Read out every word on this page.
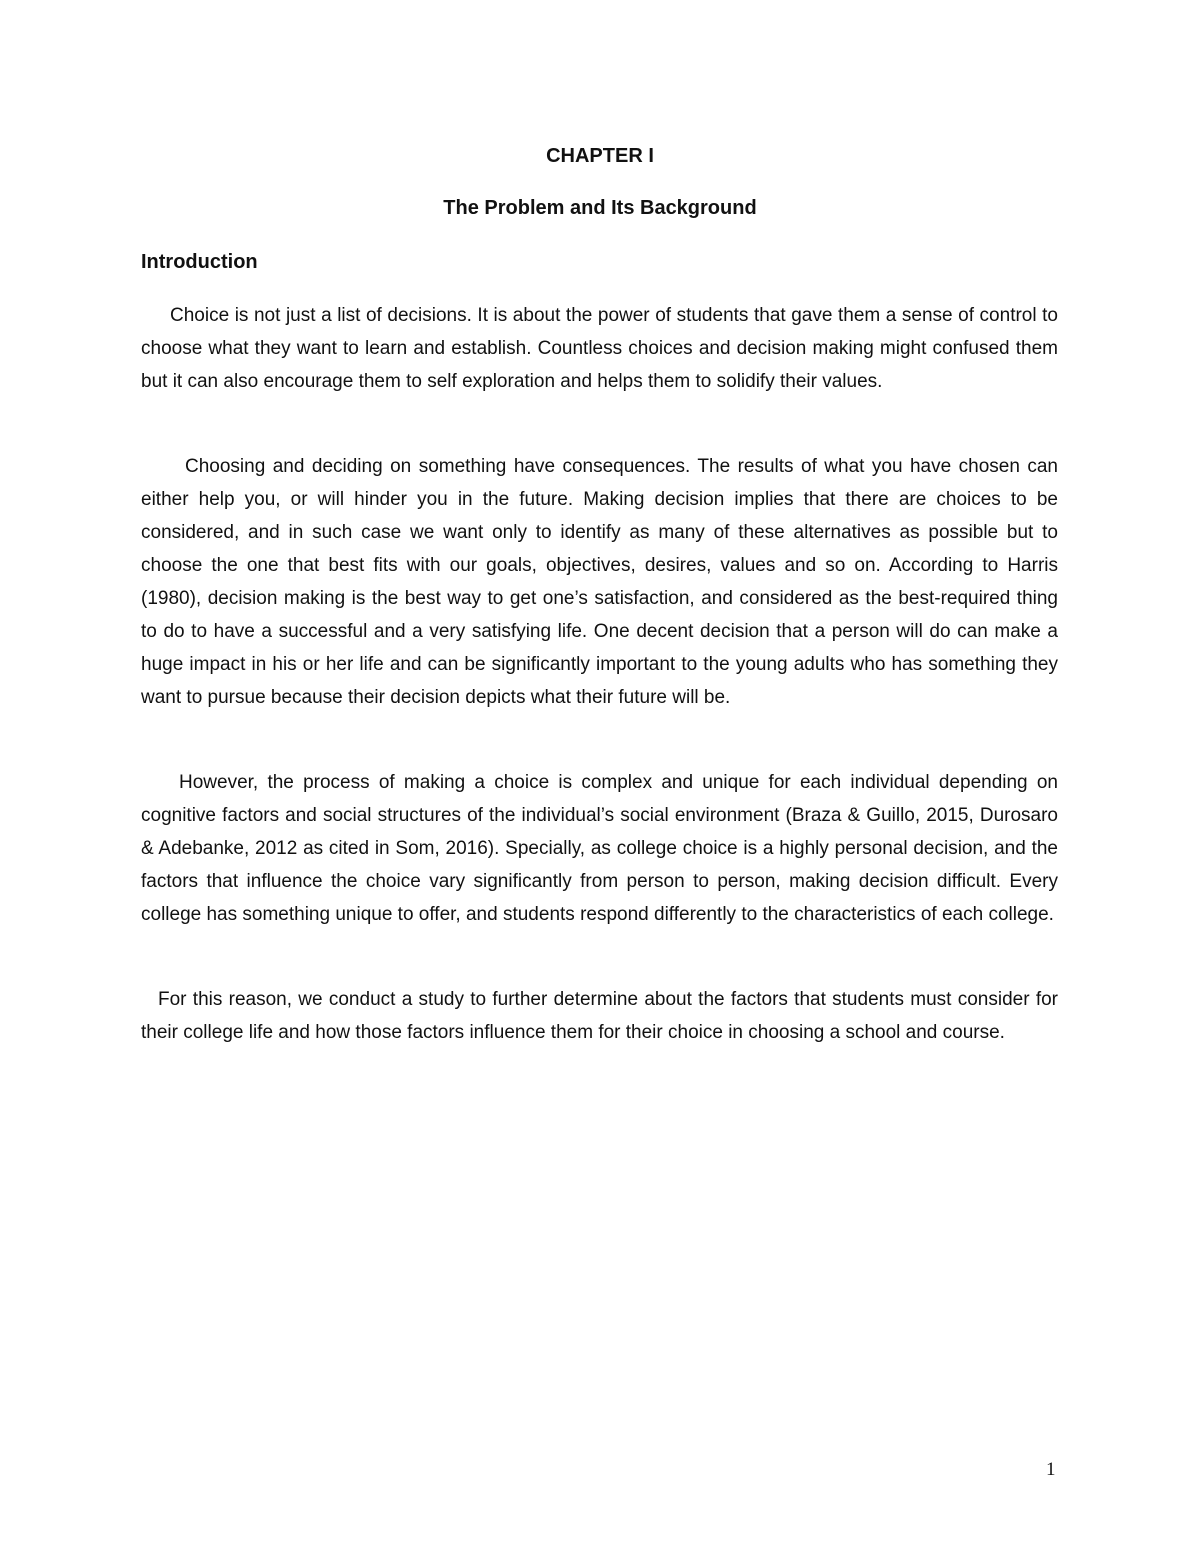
CHAPTER I
The Problem and Its Background
Introduction

Choice is not just a list of decisions. It is about the power of students that gave them a sense of control to choose what they want to learn and establish. Countless choices and decision making might confused them but it can also encourage them to self exploration and helps them to solidify their values.

Choosing and deciding on something have consequences. The results of what you have chosen can either help you, or will hinder you in the future. Making decision implies that there are choices to be considered, and in such case we want only to identify as many of these alternatives as possible but to choose the one that best fits with our goals, objectives, desires, values and so on. According to Harris (1980), decision making is the best way to get one’s satisfaction, and considered as the best-required thing to do to have a successful and a very satisfying life. One decent decision that a person will do can make a huge impact in his or her life and can be significantly important to the young adults who has something they want to pursue because their decision depicts what their future will be.

However, the process of making a choice is complex and unique for each individual depending on cognitive factors and social structures of the individual’s social environment (Braza & Guillo, 2015, Durosaro & Adebanke, 2012 as cited in Som, 2016). Specially, as college choice is a highly personal decision, and the factors that influence the choice vary significantly from person to person, making decision difficult. Every college has something unique to offer, and students respond differently to the characteristics of each college.

For this reason, we conduct a study to further determine about the factors that students must consider for their college life and how those factors influence them for their choice in choosing a school and course.

1
